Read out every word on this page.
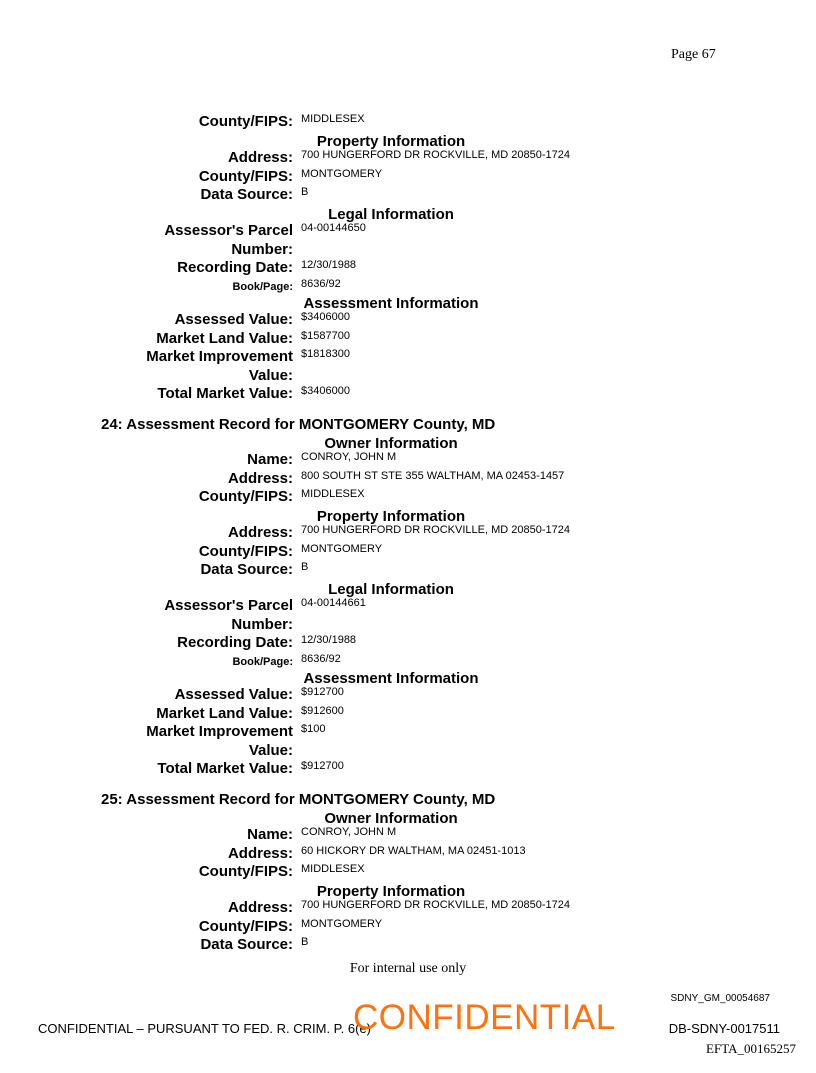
Page 67
County/FIPS: MIDDLESEX
Property Information
Address: 700 HUNGERFORD DR ROCKVILLE, MD 20850-1724
County/FIPS: MONTGOMERY
Data Source: B
Legal Information
Assessor's Parcel 04-00144650
Number:
Recording Date: 12/30/1988
Book/Page: 8636/92
Assessment Information
Assessed Value: $3406000
Market Land Value: $1587700
Market Improvement $1818300
Value:
Total Market Value: $3406000
24: Assessment Record for MONTGOMERY County, MD
Owner Information
Name: CONROY, JOHN M
Address: 800 SOUTH ST STE 355 WALTHAM, MA 02453-1457
County/FIPS: MIDDLESEX
Property Information
Address: 700 HUNGERFORD DR ROCKVILLE, MD 20850-1724
County/FIPS: MONTGOMERY
Data Source: B
Legal Information
Assessor's Parcel 04-00144661
Number:
Recording Date: 12/30/1988
Book/Page: 8636/92
Assessment Information
Assessed Value: $912700
Market Land Value: $912600
Market Improvement $100
Value:
Total Market Value: $912700
25: Assessment Record for MONTGOMERY County, MD
Owner Information
Name: CONROY, JOHN M
Address: 60 HICKORY DR WALTHAM, MA 02451-1013
County/FIPS: MIDDLESEX
Property Information
Address: 700 HUNGERFORD DR ROCKVILLE, MD 20850-1724
County/FIPS: MONTGOMERY
Data Source: B
For internal use only
SDNY_GM_00054687
CONFIDENTIAL – PURSUANT TO FED. R. CRIM. P. 6(e)
CONFIDENTIAL	DB-SDNY-0017511
EFTA_00165257
